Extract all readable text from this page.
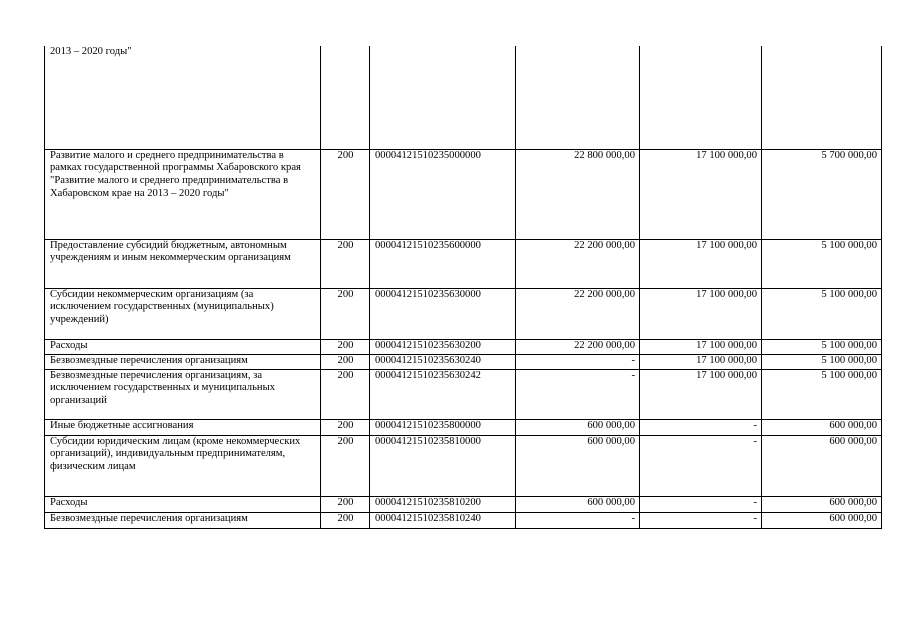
2013 – 2020 годы"					
Развитие малого и среднего предпринимательства в рамках государственной программы Хабаровского края "Развитие малого и среднего предпринимательства в Хабаровском крае на 2013 – 2020 годы"	200	00004121510235000000	22 800 000,00	17 100 000,00	5 700 000,00
Предоставление субсидий бюджетным, автономным учреждениям и иным некоммерческим организациям	200	00004121510235600000	22 200 000,00	17 100 000,00	5 100 000,00
Субсидии некоммерческим организациям (за исключением государственных (муниципальных) учреждений)	200	00004121510235630000	22 200 000,00	17 100 000,00	5 100 000,00
Расходы	200	00004121510235630200	22 200 000,00	17 100 000,00	5 100 000,00
Безвозмездные перечисления организациям	200	00004121510235630240	-	17 100 000,00	5 100 000,00
Безвозмездные перечисления организациям, за исключением государственных и муниципальных организаций	200	00004121510235630242	-	17 100 000,00	5 100 000,00
Иные бюджетные ассигнования	200	00004121510235800000	600 000,00	-	600 000,00
Субсидии юридическим лицам (кроме некоммерческих организаций), индивидуальным предпринимателям, физическим лицам	200	00004121510235810000	600 000,00	-	600 000,00
Расходы	200	00004121510235810200	600 000,00	-	600 000,00
Безвозмездные перечисления организациям	200	00004121510235810240	-	-	600 000,00
